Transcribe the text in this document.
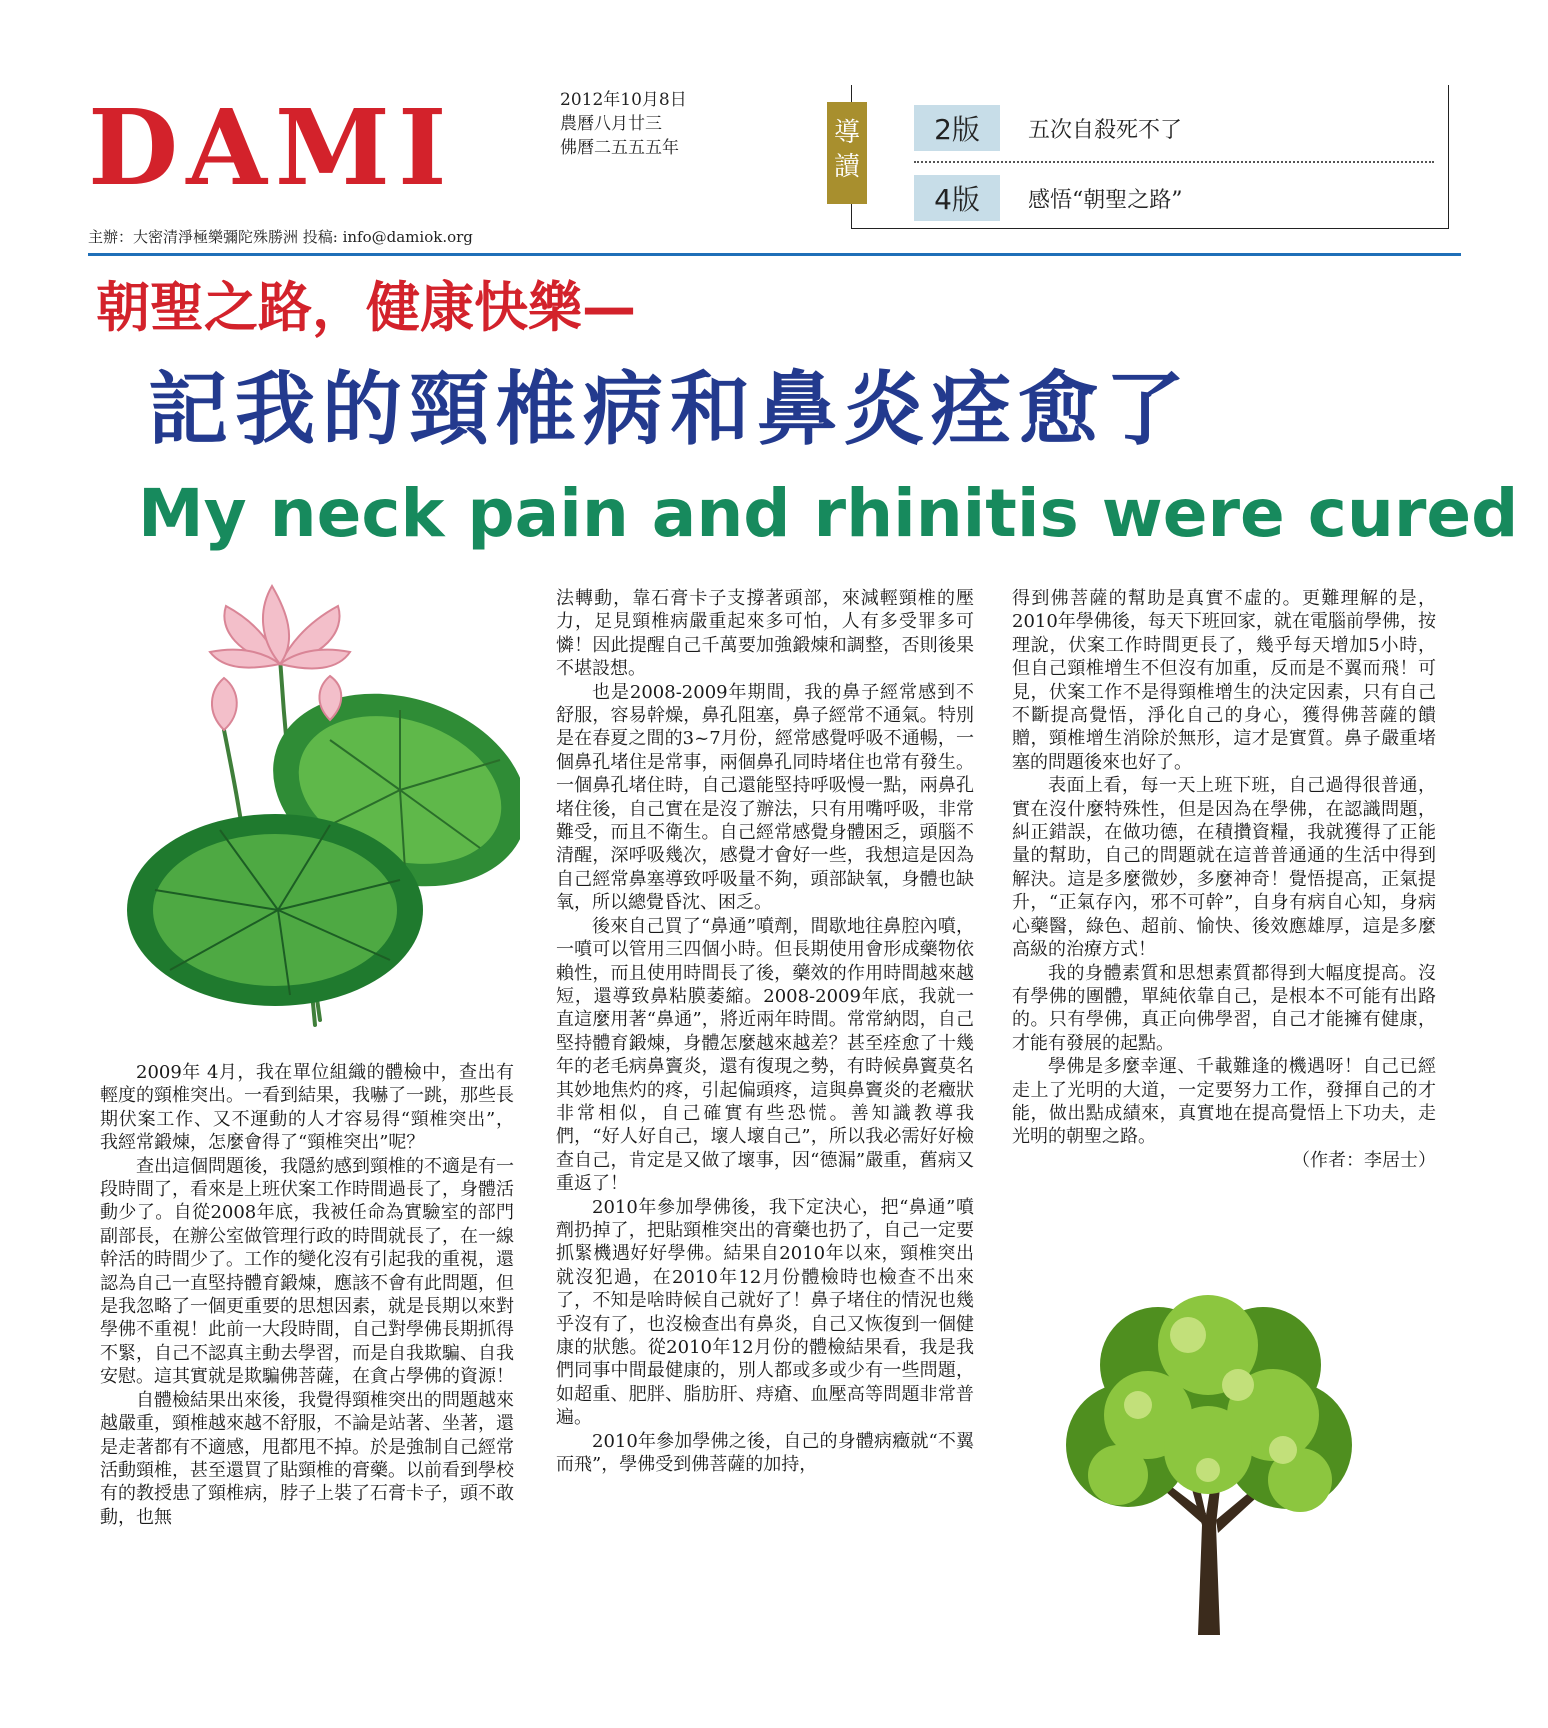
DAMI	2012年10月8日
農曆八月廿三
佛曆二五五五年
2版	五次自殺死不了
4版	感悟“朝聖之路”
導
讀
主辦：大密清淨極樂彌陀殊勝洲 投稿: info@damiok.org
朝聖之路，健康快樂—
記我的頸椎病和鼻炎痊愈了
My neck pain and rhinitis were cured

2009年 4月，我在單位組織的體檢中，查出有輕度的頸椎突出。一看到結果，我嚇了一跳，那些長期伏案工作、又不運動的人才容易得“頸椎突出”，我經常鍛煉，怎麼會得了“頸椎突出”呢？

查出這個問題後，我隱約感到頸椎的不適是有一段時間了，看來是上班伏案工作時間過長了，身體活動少了。自從2008年底，我被任命為實驗室的部門副部長，在辦公室做管理行政的時間就長了，在一線幹活的時間少了。工作的變化沒有引起我的重視，還認為自己一直堅持體育鍛煉，應該不會有此問題，但是我忽略了一個更重要的思想因素，就是長期以來對學佛不重視！此前一大段時間，自己對學佛長期抓得不緊，自己不認真主動去學習，而是自我欺騙、自我安慰。這其實就是欺騙佛菩薩，在貪占學佛的資源！

自體檢結果出來後，我覺得頸椎突出的問題越來越嚴重，頸椎越來越不舒服，不論是站著、坐著，還是走著都有不適感，甩都甩不掉。於是強制自己經常活動頸椎，甚至還買了貼頸椎的膏藥。以前看到學校有的教授患了頸椎病，脖子上裝了石膏卡子，頭不敢動，也無

法轉動，靠石膏卡子支撐著頭部，來減輕頸椎的壓力，足見頸椎病嚴重起來多可怕，人有多受罪多可憐！因此提醒自己千萬要加強鍛煉和調整，否則後果不堪設想。

也是2008-2009年期間，我的鼻子經常感到不舒服，容易幹燥，鼻孔阻塞，鼻子經常不通氣。特別是在春夏之間的3~7月份，經常感覺呼吸不通暢，一個鼻孔堵住是常事，兩個鼻孔同時堵住也常有發生。一個鼻孔堵住時，自己還能堅持呼吸慢一點，兩鼻孔堵住後，自己實在是沒了辦法，只有用嘴呼吸，非常難受，而且不衛生。自己經常感覺身體困乏，頭腦不清醒，深呼吸幾次，感覺才會好一些，我想這是因為自己經常鼻塞導致呼吸量不夠，頭部缺氧，身體也缺氧，所以總覺昏沈、困乏。

後來自己買了“鼻通”噴劑，間歇地往鼻腔內噴，一噴可以管用三四個小時。但長期使用會形成藥物依賴性，而且使用時間長了後，藥效的作用時間越來越短，還導致鼻粘膜萎縮。2008-2009年底，我就一直這麼用著“鼻通”，將近兩年時間。常常納悶，自己堅持體育鍛煉，身體怎麼越來越差？甚至痊愈了十幾年的老毛病鼻竇炎，還有復現之勢，有時候鼻竇莫名其妙地焦灼的疼，引起偏頭疼，這與鼻竇炎的老癥狀非常相似，自己確實有些恐慌。善知識教導我們，“好人好自己，壞人壞自己”，所以我必需好好檢查自己，肯定是又做了壞事，因“德漏”嚴重，舊病又重返了！

2010年參加學佛後，我下定決心，把“鼻通”噴劑扔掉了，把貼頸椎突出的膏藥也扔了，自己一定要抓緊機遇好好學佛。結果自2010年以來，頸椎突出就沒犯過，在2010年12月份體檢時也檢查不出來了，不知是啥時候自己就好了！鼻子堵住的情況也幾乎沒有了，也沒檢查出有鼻炎，自己又恢復到一個健康的狀態。從2010年12月份的體檢結果看，我是我們同事中間最健康的，別人都或多或少有一些問題，如超重、肥胖、脂肪肝、痔瘡、血壓高等問題非常普遍。

2010年參加學佛之後，自己的身體病癥就“不翼而飛”，學佛受到佛菩薩的加持，

得到佛菩薩的幫助是真實不虛的。更難理解的是，2010年學佛後，每天下班回家，就在電腦前學佛，按理說，伏案工作時間更長了，幾乎每天增加5小時，但自己頸椎增生不但沒有加重，反而是不翼而飛！可見，伏案工作不是得頸椎增生的決定因素，只有自己不斷提高覺悟，淨化自己的身心，獲得佛菩薩的饋贈，頸椎增生消除於無形，這才是實質。鼻子嚴重堵塞的問題後來也好了。

表面上看，每一天上班下班，自己過得很普通，實在沒什麼特殊性，但是因為在學佛，在認識問題，糾正錯誤，在做功德，在積攢資糧，我就獲得了正能量的幫助，自己的問題就在這普普通通的生活中得到解決。這是多麼微妙，多麼神奇！覺悟提高，正氣提升，“正氣存內，邪不可幹”，自身有病自心知，身病心藥醫，綠色、超前、愉快、後效應雄厚，這是多麼高級的治療方式！

我的身體素質和思想素質都得到大幅度提高。沒有學佛的團體，單純依靠自己，是根本不可能有出路的。只有學佛，真正向佛學習，自己才能擁有健康，才能有發展的起點。

學佛是多麼幸運、千載難逢的機遇呀！自己已經走上了光明的大道，一定要努力工作，發揮自己的才能，做出點成績來，真實地在提高覺悟上下功夫，走光明的朝聖之路。

（作者：李居士）
